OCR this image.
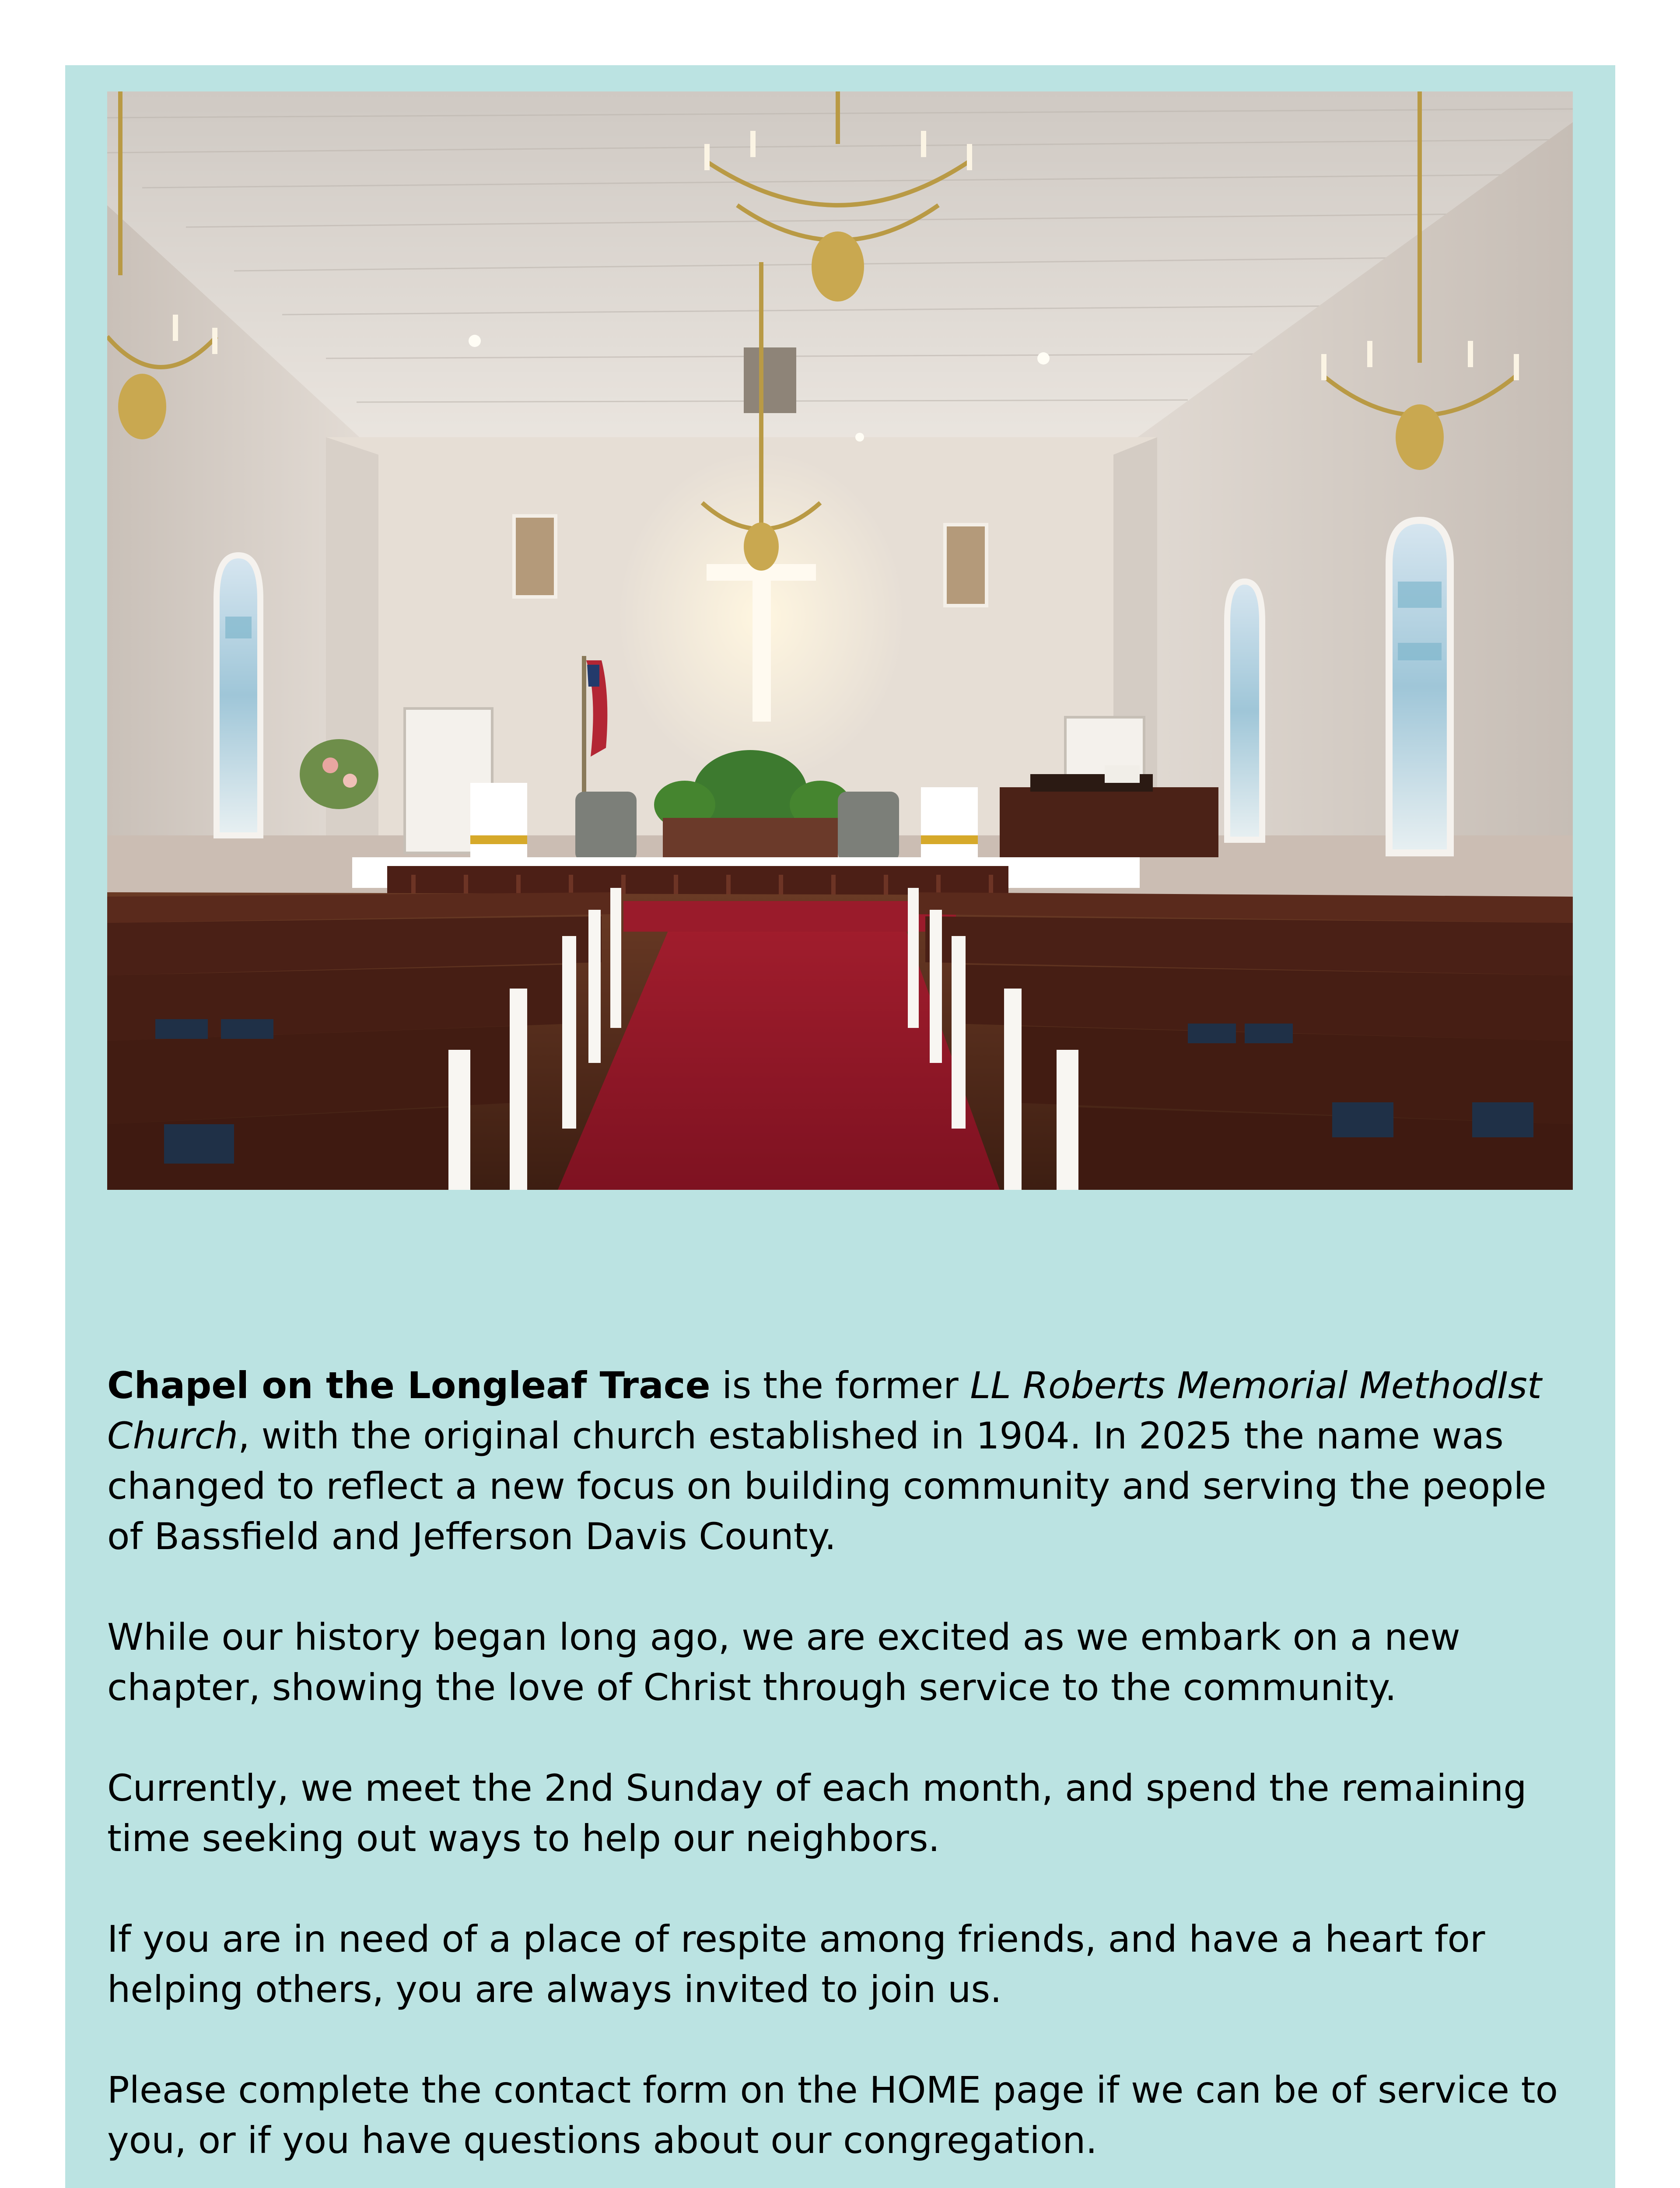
Chapel on the Longleaf Trace is the former LL Roberts Memorial MethodIst Church, with the original church established in 1904. In 2025 the name was changed to reflect a new focus on building community and serving the people of Bassfield and Jefferson Davis County.

While our history began long ago, we are excited as we embark on a new chapter, showing the love of Christ through service to the community.

Currently, we meet the 2nd Sunday of each month, and spend the remaining time seeking out ways to help our neighbors.

If you are in need of a place of respite among friends, and have a heart for helping others, you are always invited to join us.

Please complete the contact form on the HOME page if we can be of service to you, or if you have questions about our congregation.
